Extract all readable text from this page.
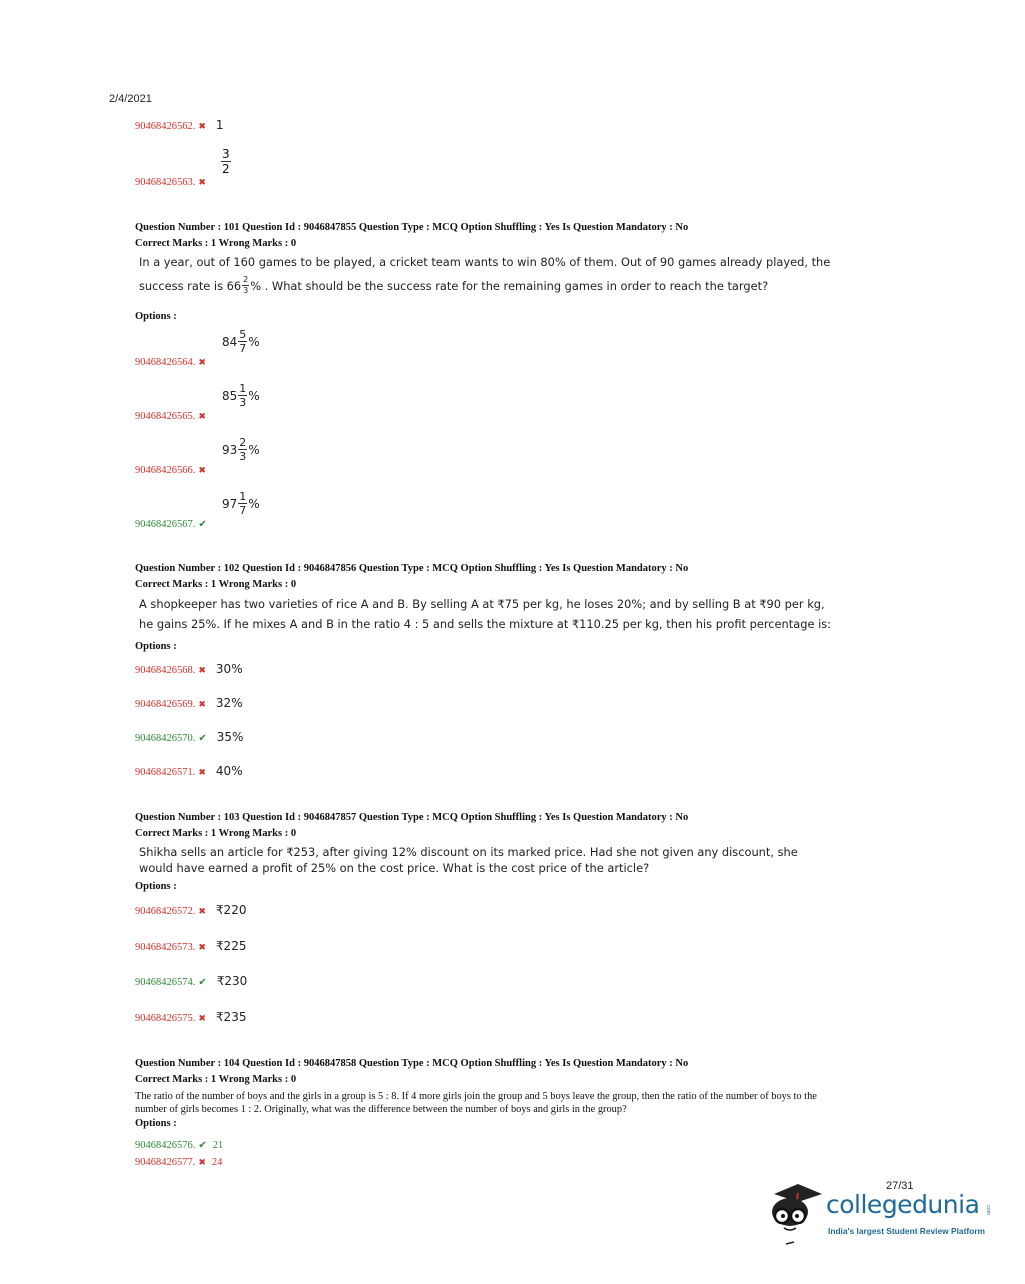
2/4/2021
90468426562. ✖ 1
90468426563. ✖
$\frac{3}{2}$
Question Number : 101 Question Id : 9046847855 Question Type : MCQ Option Shuffling : Yes Is Question Mandatory : No
Correct Marks : 1 Wrong Marks : 0
In a year, out of 160 games to be played, a cricket team wants to win 80% of them. Out of 90 games already played, the
success rate is $66 \frac{2}{3}$ % . What should be the success rate for the remaining games in order to reach the target?
Options :
90468426564. ✖
$84 \frac{5}{7}$ %
90468426565. ✖
$85 \frac{1}{3}$ %
90468426566. ✖
$93 \frac{2}{3}$ %
90468426567. ✔
$97 \frac{1}{7}$ %
Question Number : 102 Question Id : 9046847856 Question Type : MCQ Option Shuffling : Yes Is Question Mandatory : No
Correct Marks : 1 Wrong Marks : 0
A shopkeeper has two varieties of rice A and B. By selling A at ₹75 per kg, he loses 20%; and by selling B at ₹90 per kg,
he gains 25%. If he mixes A and B in the ratio 4 : 5 and sells the mixture at ₹110.25 per kg, then his profit percentage is:
Options :
90468426568. ✖ 30%
90468426569. ✖ 32%
90468426570. ✔ 35%
90468426571. ✖ 40%
Question Number : 103 Question Id : 9046847857 Question Type : MCQ Option Shuffling : Yes Is Question Mandatory : No
Correct Marks : 1 Wrong Marks : 0
Shikha sells an article for ₹253, after giving 12% discount on its marked price. Had she not given any discount, she
would have earned a profit of 25% on the cost price. What is the cost price of the article?
Options :
90468426572. ✖ ₹220
90468426573. ✖ ₹225
90468426574. ✔ ₹230
90468426575. ✖ ₹235
Question Number : 104 Question Id : 9046847858 Question Type : MCQ Option Shuffling : Yes Is Question Mandatory : No
Correct Marks : 1 Wrong Marks : 0
The ratio of the number of boys and the girls in a group is 5 : 8. If 4 more girls join the group and 5 boys leave the group, then the ratio of the number of boys to the
number of girls becomes 1 : 2. Originally, what was the difference between the number of boys and girls in the group?
Options :
90468426576. ✔ 21
90468426577. ✖ 24
27/31
collegedunia .com
India's largest Student Review Platform
